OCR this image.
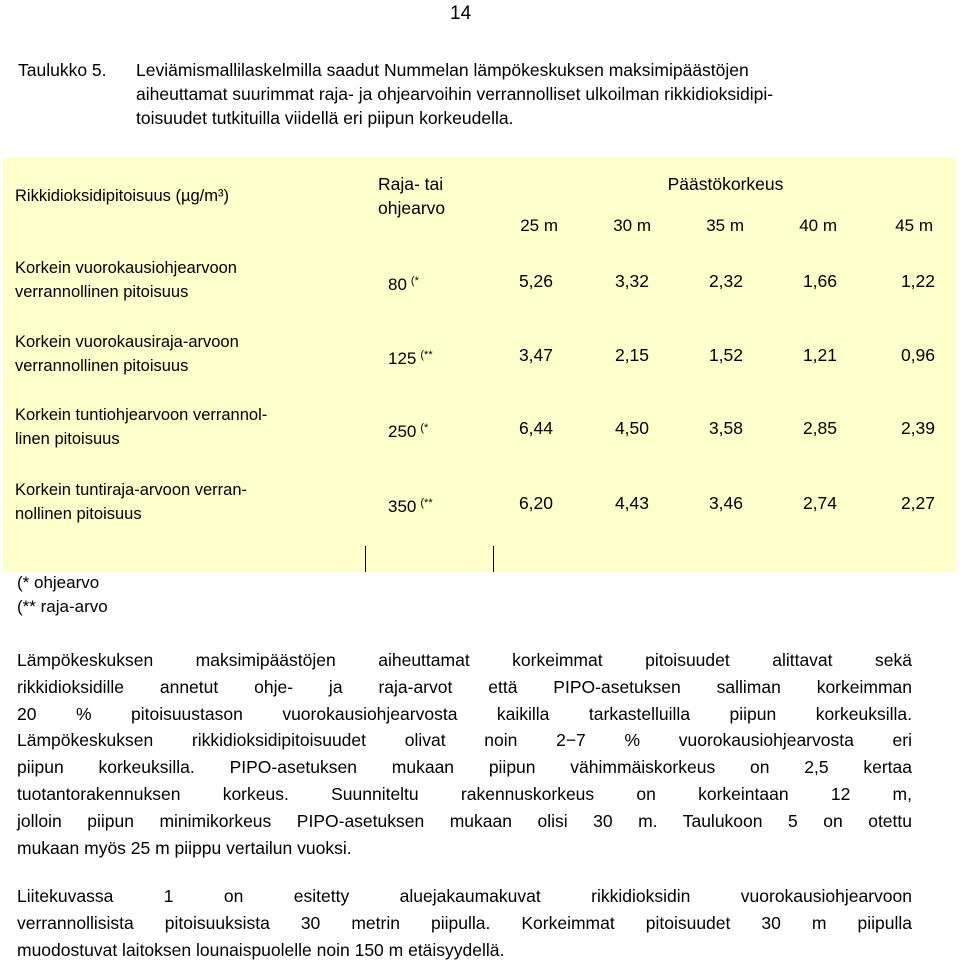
14
Taulukko 5. Leviämismallilaskelmilla saadut Nummelan lämpökeskuksen maksimipäästöjen
aiheuttamat suurimmat raja- ja ohjearvoihin verrannolliset ulkoilman rikkidioksidipi-
toisuudet tutkituilla viidellä eri piipun korkeudella.
Rikkidioksidipitoisuus (µg/m³)
Raja- tai
ohjearvo
Päästökorkeus
25 m	30 m	35 m	40 m	45 m
Korkein vuorokausiohjearvoon
verrannollinen pitoisuus	80 (*	5,26	3,32	2,32	1,66	1,22
Korkein vuorokausiraja-arvoon
verrannollinen pitoisuus	125 (**	3,47	2,15	1,52	1,21	0,96
Korkein tuntiohjearvoon verrannol-
linen pitoisuus	250 (*	6,44	4,50	3,58	2,85	2,39
Korkein tuntiraja-arvoon verran-
nollinen pitoisuus	350 (**	6,20	4,43	3,46	2,74	2,27
(* ohjearvo
(** raja-arvo
Lämpökeskuksen maksimipäästöjen aiheuttamat korkeimmat pitoisuudet alittavat sekä
rikkidioksidille annetut ohje- ja raja-arvot että PIPO-asetuksen salliman korkeimman
20 % pitoisuustason vuorokausiohjearvosta kaikilla tarkastelluilla piipun korkeuksilla.
Lämpökeskuksen rikkidioksidipitoisuudet olivat noin 2−7 % vuorokausiohjearvosta eri
piipun korkeuksilla. PIPO-asetuksen mukaan piipun vähimmäiskorkeus on 2,5 kertaa
tuotantorakennuksen korkeus. Suunniteltu rakennuskorkeus on korkeintaan 12 m,
jolloin piipun minimikorkeus PIPO-asetuksen mukaan olisi 30 m. Taulukoon 5 on otettu
mukaan myös 25 m piippu vertailun vuoksi.
Liitekuvassa 1 on esitetty aluejakaumakuvat rikkidioksidin vuorokausiohjearvoon
verrannollisista pitoisuuksista 30 metrin piipulla. Korkeimmat pitoisuudet 30 m piipulla
muodostuvat laitoksen lounaispuolelle noin 150 m etäisyydellä.
